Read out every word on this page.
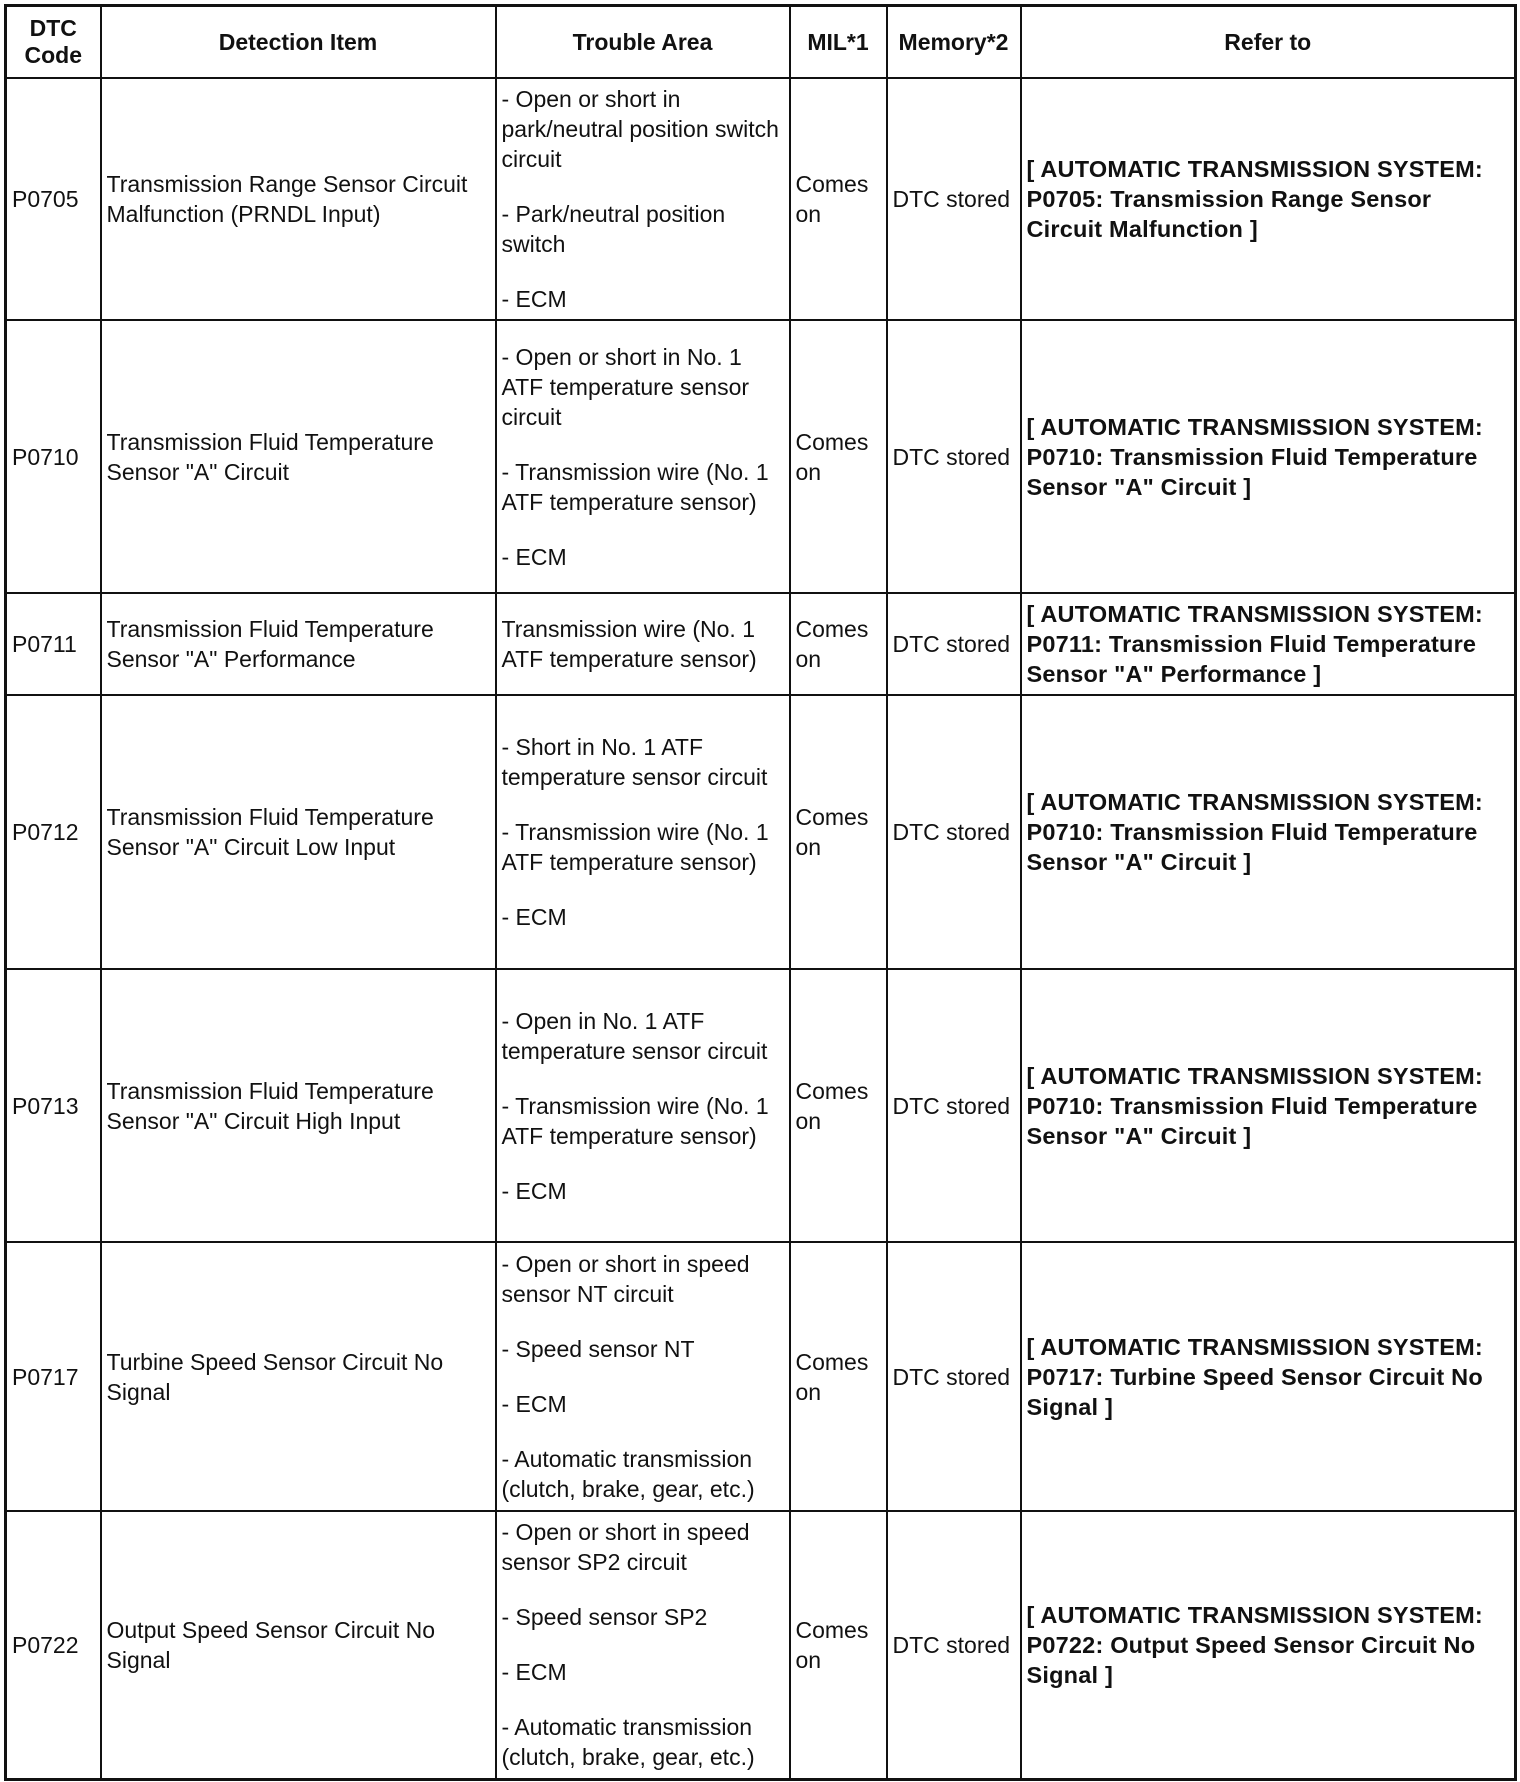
DTC Code	Detection Item	Trouble Area	MIL*1	Memory*2	Refer to
P0705	Transmission Range Sensor Circuit Malfunction (PRNDL Input)	- Open or short in park/neutral position switch circuit
- Park/neutral position switch
- ECM	Comes on	DTC stored	[ AUTOMATIC TRANSMISSION SYSTEM: P0705: Transmission Range Sensor Circuit Malfunction ]
P0710	Transmission Fluid Temperature Sensor "A" Circuit	- Open or short in No. 1 ATF temperature sensor circuit
- Transmission wire (No. 1 ATF temperature sensor)
- ECM	Comes on	DTC stored	[ AUTOMATIC TRANSMISSION SYSTEM: P0710: Transmission Fluid Temperature Sensor "A" Circuit ]
P0711	Transmission Fluid Temperature Sensor "A" Performance	Transmission wire (No. 1 ATF temperature sensor)	Comes on	DTC stored	[ AUTOMATIC TRANSMISSION SYSTEM: P0711: Transmission Fluid Temperature Sensor "A" Performance ]
P0712	Transmission Fluid Temperature Sensor "A" Circuit Low Input	- Short in No. 1 ATF temperature sensor circuit
- Transmission wire (No. 1 ATF temperature sensor)
- ECM	Comes on	DTC stored	[ AUTOMATIC TRANSMISSION SYSTEM: P0710: Transmission Fluid Temperature Sensor "A" Circuit ]
P0713	Transmission Fluid Temperature Sensor "A" Circuit High Input	- Open in No. 1 ATF temperature sensor circuit
- Transmission wire (No. 1 ATF temperature sensor)
- ECM	Comes on	DTC stored	[ AUTOMATIC TRANSMISSION SYSTEM: P0710: Transmission Fluid Temperature Sensor "A" Circuit ]
P0717	Turbine Speed Sensor Circuit No Signal	- Open or short in speed sensor NT circuit
- Speed sensor NT
- ECM
- Automatic transmission (clutch, brake, gear, etc.)	Comes on	DTC stored	[ AUTOMATIC TRANSMISSION SYSTEM: P0717: Turbine Speed Sensor Circuit No Signal ]
P0722	Output Speed Sensor Circuit No Signal	- Open or short in speed sensor SP2 circuit
- Speed sensor SP2
- ECM
- Automatic transmission (clutch, brake, gear, etc.)	Comes on	DTC stored	[ AUTOMATIC TRANSMISSION SYSTEM: P0722: Output Speed Sensor Circuit No Signal ]
